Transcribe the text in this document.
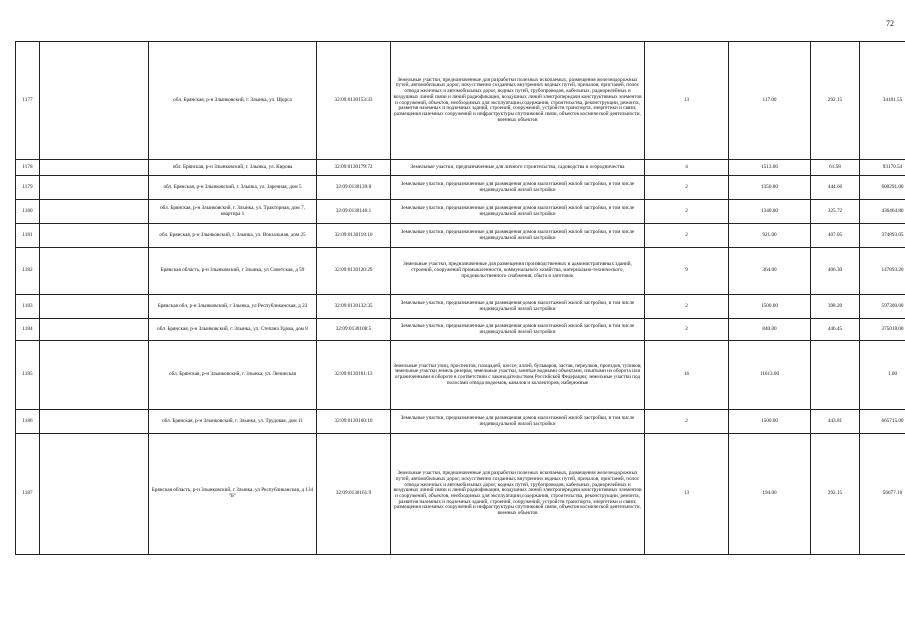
72
1177		обл. Брянская, р-н Злынковский, г. Злынка, ул. Щорса	32:09:0130153:33	Земельные участки, предназначенные для разработки полезных ископаемых, размещения железнодорожных путей, автомобильных дорог, искусственно созданных внутренних водных путей, причалов, пристаней, полос отвода железных и автомобильных дорог, водных путей, трубопроводов, кабельных, радиорелейных и воздушных линий связи и линий радиофикации, воздушных линий электропередачи конструктивных элементов и сооружений, объектов, необходимых для эксплуатации,содержания, строительства, реконструкции, ремонта, развития наземных и подземных зданий, строений, сооружений, устройств транспорта, энергетики и связи; размещения наземных сооружений и инфраструктуры спутниковой связи, объектов космической деятельности, военных объектов	13	117.00	292.15	34181.55
1178		обл. Брянская, р-н Злынковский, г. Злынка, ул. Кирова	32:09:0130179:72	Земельные участки, предназначенные для личного строительства, садоводства и огородничества	4	1513.00	61.58	93170.54
1179		обл. Брянская, р-н Злынковский, г. Злынка, ул. Заречная, дом 5	32:09:0130139:8	Земельные участки, предназначенные для размещения домов малоэтажной жилой застройки, в том числе индивидуальной жилой застройки	2	1350.00	444.66	600291.00
1180		обл. Брянская, р-н Злынковский, г. Злынка, ул. Тракторная, дом 7, квартира 1	32:09:0130146:1	Земельные участки, предназначенные для размещения домов малоэтажной жилой застройки, в том числе индивидуальной жилой застройки	2	1340.00	325.72	436464.80
1181		обл. Брянская, р-н Злынковский, г. Злынка, ул. Вокзальная, дом 25	32:09:0130118:10	Земельные участки, предназначенные для размещения домов малоэтажной жилой застройки, в том числе индивидуальной жилой застройки	2	921.00	407.05	374893.05
1182		Брянская область, р-н Злынковский, г Злынка, ул Советская, д 59	32:09:0130120:29	Земельные участки, предназначенные для размещения производственных и административных зданий, строений, сооружений промышленности, коммунального хозяйства, материально-технического, продовольственного снабжения, сбыта и заготовок	9	364.00	406.30	147893.20
1183		Брянская обл, р-н Злынковский, г Злынка, ул Республиканская, д 23	32:09:0130132:35	Земельные участки, предназначенные для размещения домов малоэтажной жилой застройки, в том числе индивидуальной жилой застройки	2	1500.00	398.20	597300.00
1184		обл. Брянская, р-н Злынковский, г. Злынка, ул. Степана Удова, дом 8	32:09:0130108:5	Земельные участки, предназначенные для размещения домов малоэтажной жилой застройки, в том числе индивидуальной жилой застройки	2	840.00	446.45	375018.00
1185		обл. Брянская, р-н Злынковский, г. Злынка, ул. Ленинская	32:09:0130181:13	Земельные участки улиц, проспектов, площадей, шоссе, аллей, бульваров, застав, переулков, проездов, тупиков; земельные участки земель резерва; земельные участки, занятые водными объектами, изъятыми из оборота или ограниченными в обороте в соответствии с законодательством Российской Федерации; земельные участки под полосами отвода водоемов, каналов и коллекторов, набережные	16	11613.00		1.00
1186		обл. Брянская, р-н Злынковский, г. Злынка, ул. Трудовая, дом 11	32:09:0130160:10	Земельные участки, предназначенные для размещения домов малоэтажной жилой застройки, в том числе индивидуальной жилой застройки	2	1500.00	443.81	665715.00
1187		Брянская область, р-н Злынковский, г Злынка, ул Республиканская, д 134 "Б"	32:09:0130161:9	Земельные участки, предназначенные для разработки полезных ископаемых, размещения железнодорожных путей, автомобильных дорог, искусственно созданных внутренних водных путей, причалов, пристаней, полос отвода железных и автомобильных дорог, водных путей, трубопроводов, кабельных, радиорелейных и воздушных линий связи и линий радиофикации, воздушных линий электропередачи конструктивных элементов и сооружений, объектов, необходимых для эксплуатации,содержания, строительства, реконструкции, ремонта, развития наземных и подземных зданий, строений, сооружений, устройств транспорта, энергетики и связи; размещения наземных сооружений и инфраструктуры спутниковой связи, объектов космической деятельности, военных объектов	13	194.00	292.15	56677.10
